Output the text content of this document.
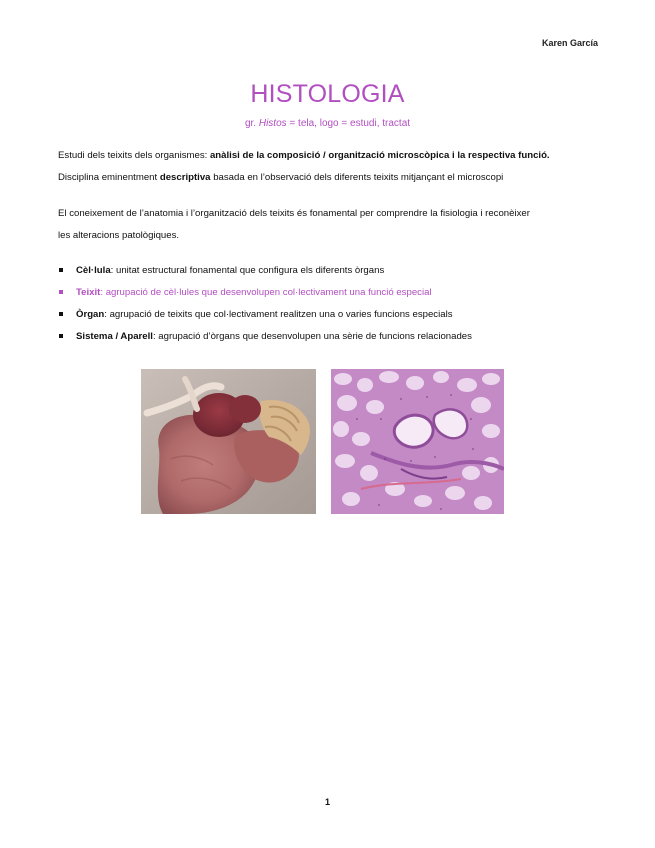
Karen García
HISTOLOGIA
gr. Histos = tela, logo = estudi, tractat
Estudi dels teixits dels organismes: anàlisi de la composició / organització microscòpica i la respectiva funció.
Disciplina eminentment descriptiva basada en l’observació dels diferents teixits mitjançant el microscopi
El coneixement de l’anatomia i l’organització dels teixits és fonamental per comprendre la fisiologia i reconèixer
les alteracions patològiques.
Cèl·lula: unitat estructural fonamental que configura els diferents òrgans
Teixit: agrupació de cèl·lules que desenvolupen col·lectivament una funció especial
Òrgan: agrupació de teixits que col·lectivament realitzen una o varies funcions especials
Sistema / Aparell: agrupació d’òrgans que desenvolupen una sèrie de funcions relacionades
1
